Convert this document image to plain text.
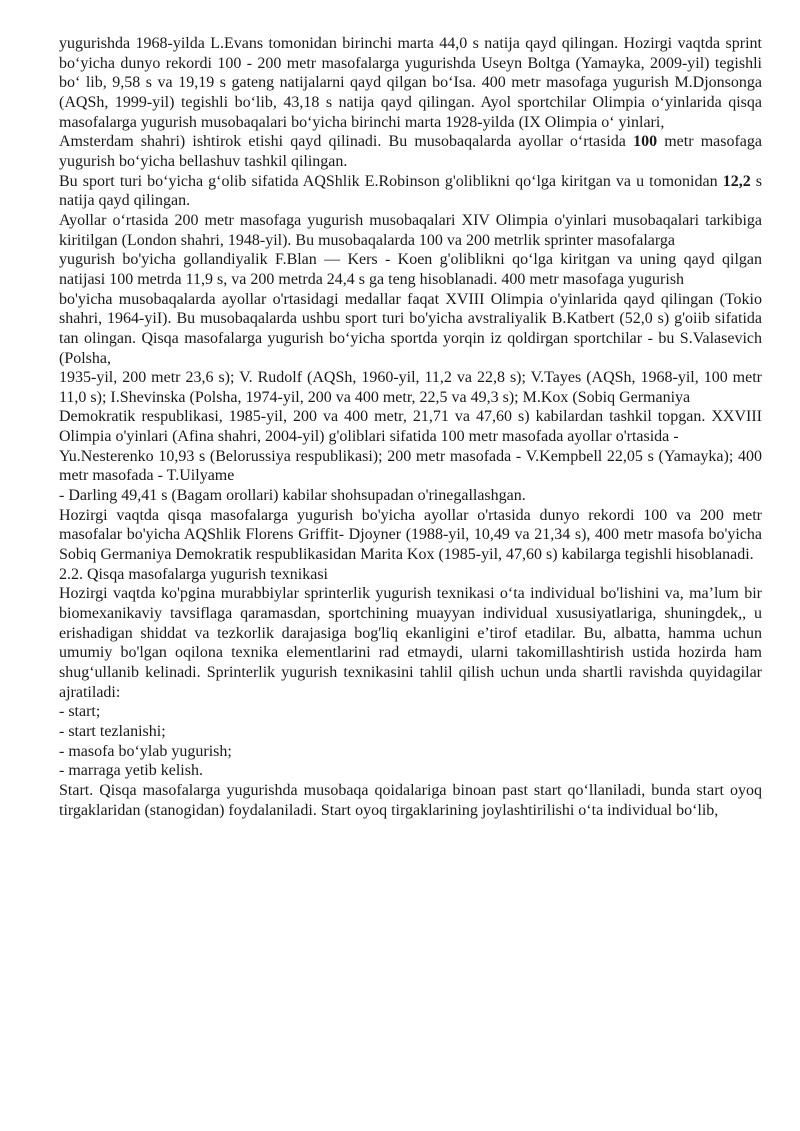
yugurishda 1968-yilda L.Evans tomonidan birinchi marta 44,0 s natija qayd qilingan. Hozirgi vaqtda sprint bo‘yicha dunyo rekordi 100 - 200 metr masofalarga yugurishda Useyn Boltga (Yamayka, 2009-yil) tegishli bo‘ lib, 9,58 s va 19,19 s gateng natijalarni qayd qilgan bo‘Isa. 400 metr masofaga yugurish M.Djonsonga (AQSh, 1999-yil) tegishli bo‘lib, 43,18 s natija qayd qilingan. Ayol sportchilar Olimpia o‘yinlarida qisqa masofalarga yugurish musobaqalari bo‘yicha birinchi marta 1928-yilda (IX Olimpia o‘ yinlari,

Amsterdam shahri) ishtirok etishi qayd qilinadi. Bu musobaqalarda ayollar o‘rtasida 100 metr masofaga yugurish bo‘yicha bellashuv tashkil qilingan.

Bu sport turi bo‘yicha g‘olib sifatida AQShlik E.Robinson g'oliblikni qo‘lga kiritgan va u tomonidan 12,2 s natija qayd qilingan.

Ayollar o‘rtasida 200 metr masofaga yugurish musobaqalari XIV Olimpia o'yinlari musobaqalari tarkibiga kiritilgan (London shahri, 1948-yil). Bu musobaqalarda 100 va 200 metrlik sprinter masofalarga

yugurish bo'yicha gollandiyalik F.Blan — Kers - Koen g'oliblikni qo‘lga kiritgan va uning qayd qilgan natijasi 100 metrda 11,9 s, va 200 metrda 24,4 s ga teng hisoblanadi. 400 metr masofaga yugurish

bo'yicha musobaqalarda ayollar o'rtasidagi medallar faqat XVIII Olimpia o'yinlarida qayd qilingan (Tokio shahri, 1964-yiI). Bu musobaqalarda ushbu sport turi bo'yicha avstraliyalik B.Katbert (52,0 s) g'oiib sifatida tan olingan. Qisqa masofalarga yugurish bo‘yicha sportda yorqin iz qoldirgan sportchilar - bu S.Valasevich (Polsha,

1935-yil, 200 metr 23,6 s); V. Rudolf (AQSh, 1960-yil, 11,2 va 22,8 s); V.Tayes (AQSh, 1968-yil, 100 metr 11,0 s); I.Shevinska (Polsha, 1974-yil, 200 va 400 metr, 22,5 va 49,3 s); M.Kox (Sobiq Germaniya

Demokratik respublikasi, 1985-yil, 200 va 400 metr, 21,71 va 47,60 s) kabilardan tashkil topgan. XXVIII Olimpia o'yinlari (Afina shahri, 2004-yil) g'oliblari sifatida 100 metr masofada ayollar o'rtasida -

Yu.Nesterenko 10,93 s (Belorussiya respublikasi); 200 metr masofada - V.Kempbell 22,05 s (Yamayka); 400 metr masofada - T.Uilyame

- Darling 49,41 s (Bagam orollari) kabilar shohsupadan o'rinegallashgan.

Hozirgi vaqtda qisqa masofalarga yugurish bo'yicha ayollar o'rtasida dunyo rekordi 100 va 200 metr masofalar bo'yicha AQShlik Florens Griffit- Djoyner (1988-yil, 10,49 va 21,34 s), 400 metr masofa bo'yicha Sobiq Germaniya Demokratik respublikasidan Marita Kox (1985-yil, 47,60 s) kabilarga tegishli hisoblanadi.

2.2. Qisqa masofalarga yugurish texnikasi

Hozirgi vaqtda ko'pgina murabbiylar sprinterlik yugurish texnikasi o‘ta individual bo'lishini va, ma’lum bir biomexanikaviy tavsiflaga qaramasdan, sportchining muayyan individual xususiyatlariga, shuningdek,, u erishadigan shiddat va tezkorlik darajasiga bog'liq ekanligini e’tirof etadilar. Bu, albatta, hamma uchun umumiy bo'lgan oqilona texnika elementlarini rad etmaydi, ularni takomillashtirish ustida hozirda ham shug‘ullanib kelinadi. Sprinterlik yugurish texnikasini tahlil qilish uchun unda shartli ravishda quyidagilar ajratiladi:

- start;

- start tezlanishi;

- masofa bo‘ylab yugurish;

- marraga yetib kelish.

Start. Qisqa masofalarga yugurishda musobaqa qoidalariga binoan past start qo‘llaniladi, bunda start oyoq tirgaklaridan (stanogidan) foydalaniladi. Start oyoq tirgaklarining joylashtirilishi o‘ta individual bo‘lib,
